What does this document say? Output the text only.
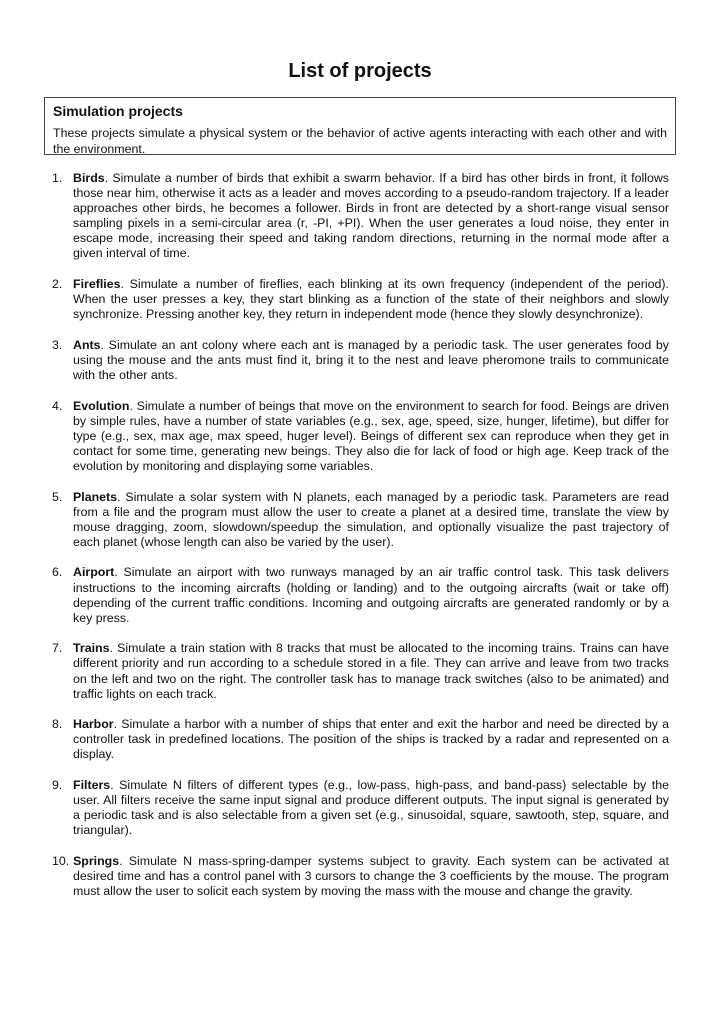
List of projects

Simulation projects

These projects simulate a physical system or the behavior of active agents interacting with each other and with the environment.

1. Birds. Simulate a number of birds that exhibit a swarm behavior. If a bird has other birds in front, it follows those near him, otherwise it acts as a leader and moves according to a pseudo-random trajectory. If a leader approaches other birds, he becomes a follower. Birds in front are detected by a short-range visual sensor sampling pixels in a semi-circular area (r, -PI, +PI). When the user generates a loud noise, they enter in escape mode, increasing their speed and taking random directions, returning in the normal mode after a given interval of time.
2. Fireflies. Simulate a number of fireflies, each blinking at its own frequency (independent of the period). When the user presses a key, they start blinking as a function of the state of their neighbors and slowly synchronize. Pressing another key, they return in independent mode (hence they slowly desynchronize).
3. Ants. Simulate an ant colony where each ant is managed by a periodic task. The user generates food by using the mouse and the ants must find it, bring it to the nest and leave pheromone trails to communicate with the other ants.
4. Evolution. Simulate a number of beings that move on the environment to search for food. Beings are driven by simple rules, have a number of state variables (e.g., sex, age, speed, size, hunger, lifetime), but differ for type (e.g., sex, max age, max speed, huger level). Beings of different sex can reproduce when they get in contact for some time, generating new beings. They also die for lack of food or high age. Keep track of the evolution by monitoring and displaying some variables.
5. Planets. Simulate a solar system with N planets, each managed by a periodic task. Parameters are read from a file and the program must allow the user to create a planet at a desired time, translate the view by mouse dragging, zoom, slowdown/speedup the simulation, and optionally visualize the past trajectory of each planet (whose length can also be varied by the user).
6. Airport. Simulate an airport with two runways managed by an air traffic control task. This task delivers instructions to the incoming aircrafts (holding or landing) and to the outgoing aircrafts (wait or take off) depending of the current traffic conditions. Incoming and outgoing aircrafts are generated randomly or by a key press.
7. Trains. Simulate a train station with 8 tracks that must be allocated to the incoming trains. Trains can have different priority and run according to a schedule stored in a file. They can arrive and leave from two tracks on the left and two on the right. The controller task has to manage track switches (also to be animated) and traffic lights on each track.
8. Harbor. Simulate a harbor with a number of ships that enter and exit the harbor and need be directed by a controller task in predefined locations. The position of the ships is tracked by a radar and represented on a display.
9. Filters. Simulate N filters of different types (e.g., low-pass, high-pass, and band-pass) selectable by the user. All filters receive the same input signal and produce different outputs. The input signal is generated by a periodic task and is also selectable from a given set (e.g., sinusoidal, square, sawtooth, step, square, and triangular).
10. Springs. Simulate N mass-spring-damper systems subject to gravity. Each system can be activated at desired time and has a control panel with 3 cursors to change the 3 coefficients by the mouse. The program must allow the user to solicit each system by moving the mass with the mouse and change the gravity.
